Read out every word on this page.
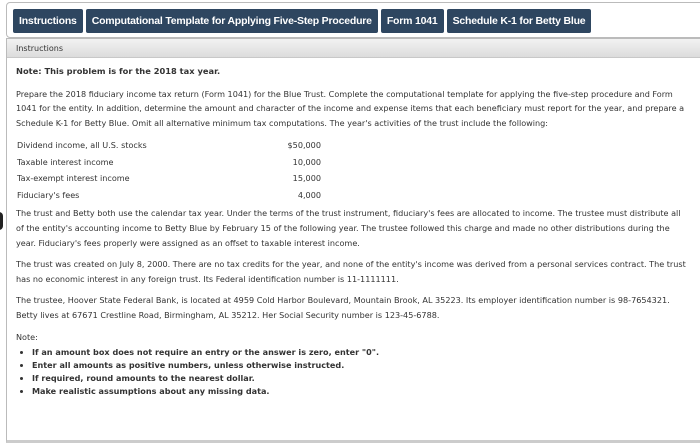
Instructions	Computational Template for Applying Five-Step Procedure	Form 1041	Schedule K-1 for Betty Blue
Instructions
Note: This problem is for the 2018 tax year.

Prepare the 2018 fiduciary income tax return (Form 1041) for the Blue Trust. Complete the computational template for applying the five-step procedure and Form 1041 for the entity. In addition, determine the amount and character of the income and expense items that each beneficiary must report for the year, and prepare a Schedule K-1 for Betty Blue. Omit all alternative minimum tax computations. The year's activities of the trust include the following:

Dividend income, all U.S. stocks	$50,000
Taxable interest income	10,000
Tax-exempt interest income	15,000
Fiduciary's fees	4,000

The trust and Betty both use the calendar tax year. Under the terms of the trust instrument, fiduciary's fees are allocated to income. The trustee must distribute all of the entity's accounting income to Betty Blue by February 15 of the following year. The trustee followed this charge and made no other distributions during the year. Fiduciary's fees properly were assigned as an offset to taxable interest income.

The trust was created on July 8, 2000. There are no tax credits for the year, and none of the entity's income was derived from a personal services contract. The trust has no economic interest in any foreign trust. Its Federal identification number is 11-1111111.

The trustee, Hoover State Federal Bank, is located at 4959 Cold Harbor Boulevard, Mountain Brook, AL 35223. Its employer identification number is 98-7654321. Betty lives at 67671 Crestline Road, Birmingham, AL 35212. Her Social Security number is 123-45-6788.

Note:
• If an amount box does not require an entry or the answer is zero, enter "0".
• Enter all amounts as positive numbers, unless otherwise instructed.
• If required, round amounts to the nearest dollar.
• Make realistic assumptions about any missing data.
